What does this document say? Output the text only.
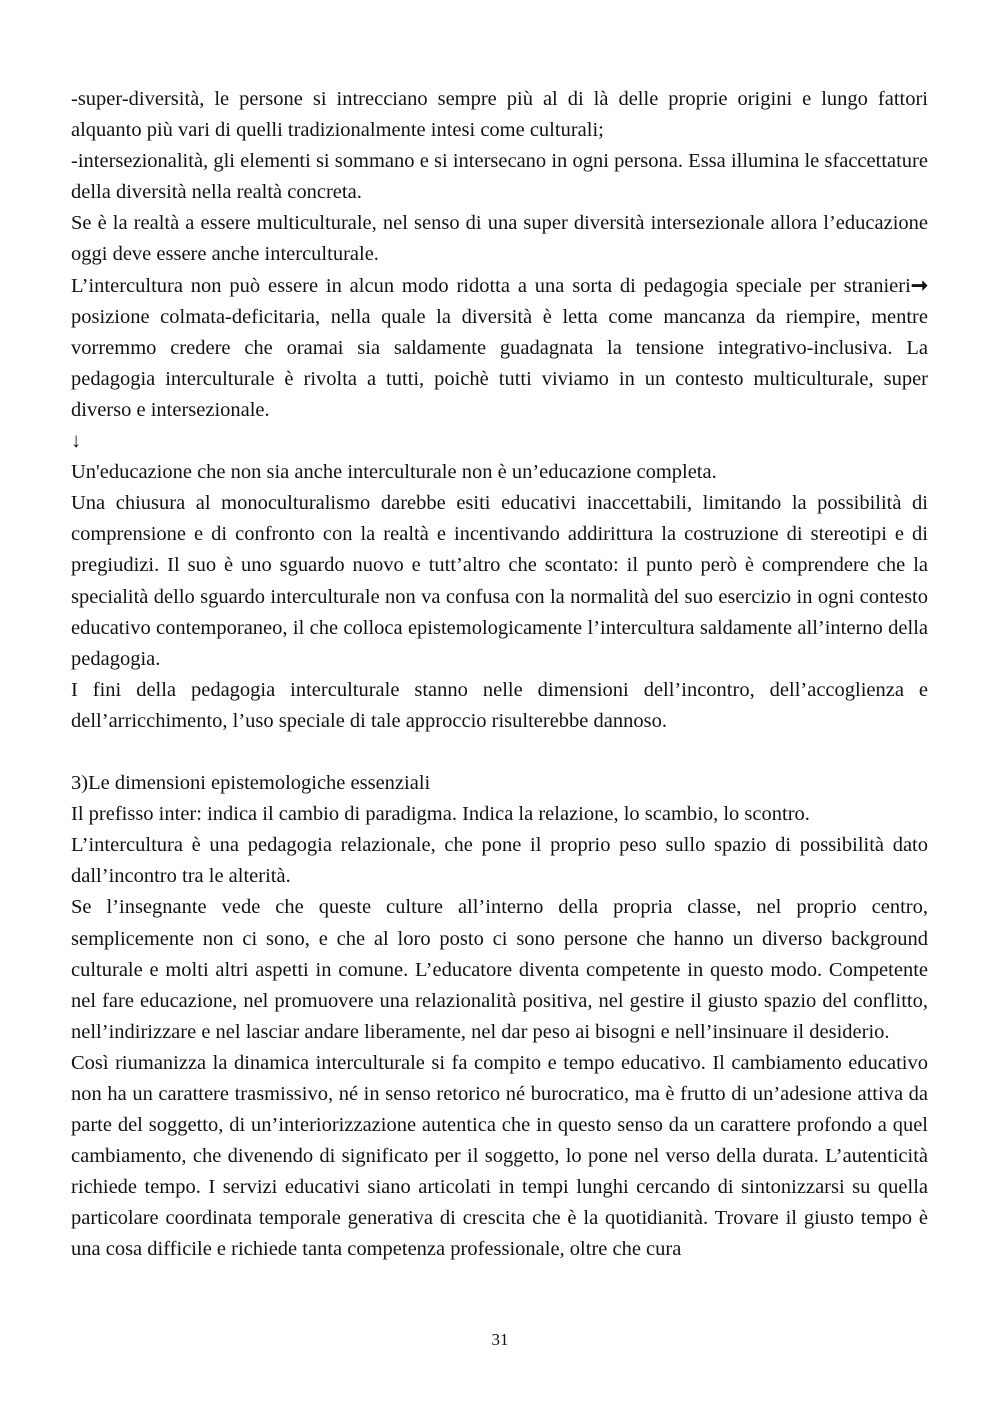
-super-diversità, le persone si intrecciano sempre più al di là delle proprie origini e lungo fattori alquanto più vari di quelli tradizionalmente intesi come culturali;

-intersezionalità, gli elementi si sommano e si intersecano in ogni persona. Essa illumina le sfaccettature della diversità nella realtà concreta.

Se è la realtà a essere multiculturale, nel senso di una super diversità intersezionale allora l’educazione oggi deve essere anche interculturale.

L’intercultura non può essere in alcun modo ridotta a una sorta di pedagogia speciale per stranieri➞ posizione colmata-deficitaria, nella quale la diversità è letta come mancanza da riempire, mentre vorremmo credere che oramai sia saldamente guadagnata la tensione integrativo-inclusiva. La pedagogia interculturale è rivolta a tutti, poichè tutti viviamo in un contesto multiculturale, super diverso e intersezionale.

↓

Un'educazione che non sia anche interculturale non è un’educazione completa.

Una chiusura al monoculturalismo darebbe esiti educativi inaccettabili, limitando la possibilità di comprensione e di confronto con la realtà e incentivando addirittura la costruzione di stereotipi e di pregiudizi. Il suo è uno sguardo nuovo e tutt’altro che scontato: il punto però è comprendere che la specialità dello sguardo interculturale non va confusa con la normalità del suo esercizio in ogni contesto educativo contemporaneo, il che colloca epistemologicamente l’intercultura saldamente all’interno della pedagogia.

I fini della pedagogia interculturale stanno nelle dimensioni dell’incontro, dell’accoglienza e dell’arricchimento, l’uso speciale di tale approccio risulterebbe dannoso.

3)Le dimensioni epistemologiche essenziali

Il prefisso inter: indica il cambio di paradigma. Indica la relazione, lo scambio, lo scontro.

L’intercultura è una pedagogia relazionale, che pone il proprio peso sullo spazio di possibilità dato dall’incontro tra le alterità.

Se l’insegnante vede che queste culture all’interno della propria classe, nel proprio centro, semplicemente non ci sono, e che al loro posto ci sono persone che hanno un diverso background culturale e molti altri aspetti in comune. L’educatore diventa competente in questo modo. Competente nel fare educazione, nel promuovere una relazionalità positiva, nel gestire il giusto spazio del conflitto, nell’indirizzare e nel lasciar andare liberamente, nel dar peso ai bisogni e nell’insinuare il desiderio.

Così riumanizza la dinamica interculturale si fa compito e tempo educativo. Il cambiamento educativo non ha un carattere trasmissivo, né in senso retorico né burocratico, ma è frutto di un’adesione attiva da parte del soggetto, di un’interiorizzazione autentica che in questo senso da un carattere profondo a quel cambiamento, che divenendo di significato per il soggetto, lo pone nel verso della durata. L’autenticità richiede tempo. I servizi educativi siano articolati in tempi lunghi cercando di sintonizzarsi su quella particolare coordinata temporale generativa di crescita che è la quotidianità. Trovare il giusto tempo è una cosa difficile e richiede tanta competenza professionale, oltre che cura

31
